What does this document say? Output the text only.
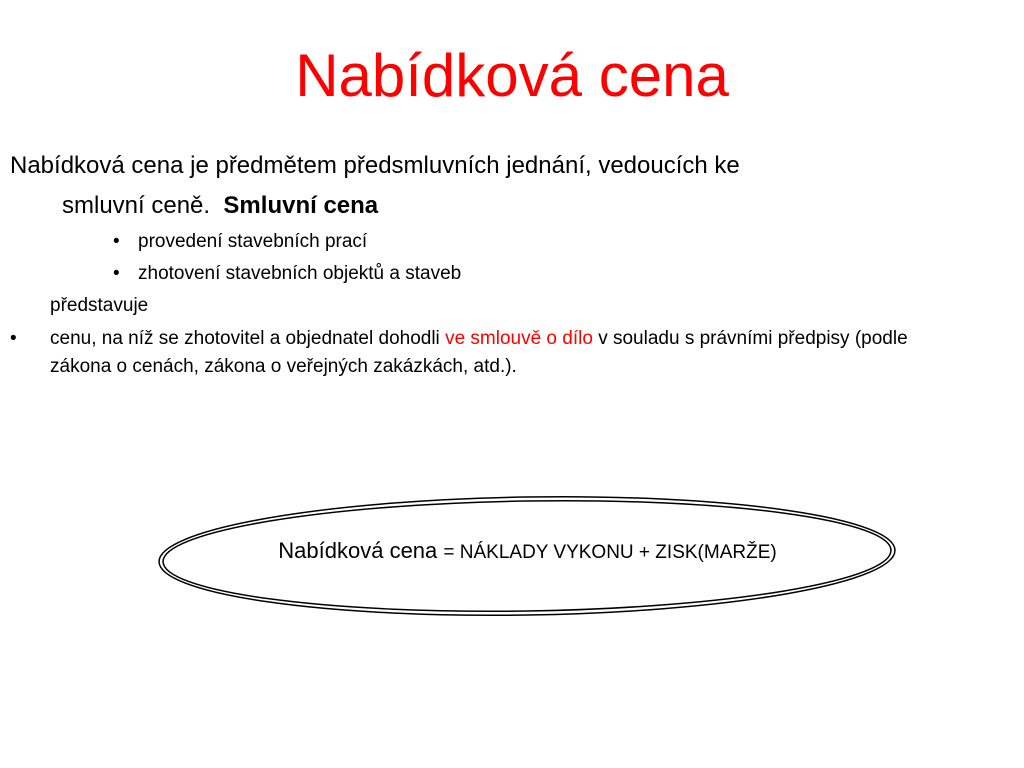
Nabídková cena
Nabídková cena je předmětem předsmluvních jednání, vedoucích ke
smluvní ceně. Smluvní cena
• provedení stavebních prací
• zhotovení stavebních objektů a staveb
představuje
• cenu, na níž se zhotovitel a objednatel dohodli ve smlouvě o dílo v souladu s právními předpisy (podle zákona o cenách, zákona o veřejných zakázkách, atd.).
Nabídková cena = NÁKLADY VYKONU + ZISK(MARŽE)
